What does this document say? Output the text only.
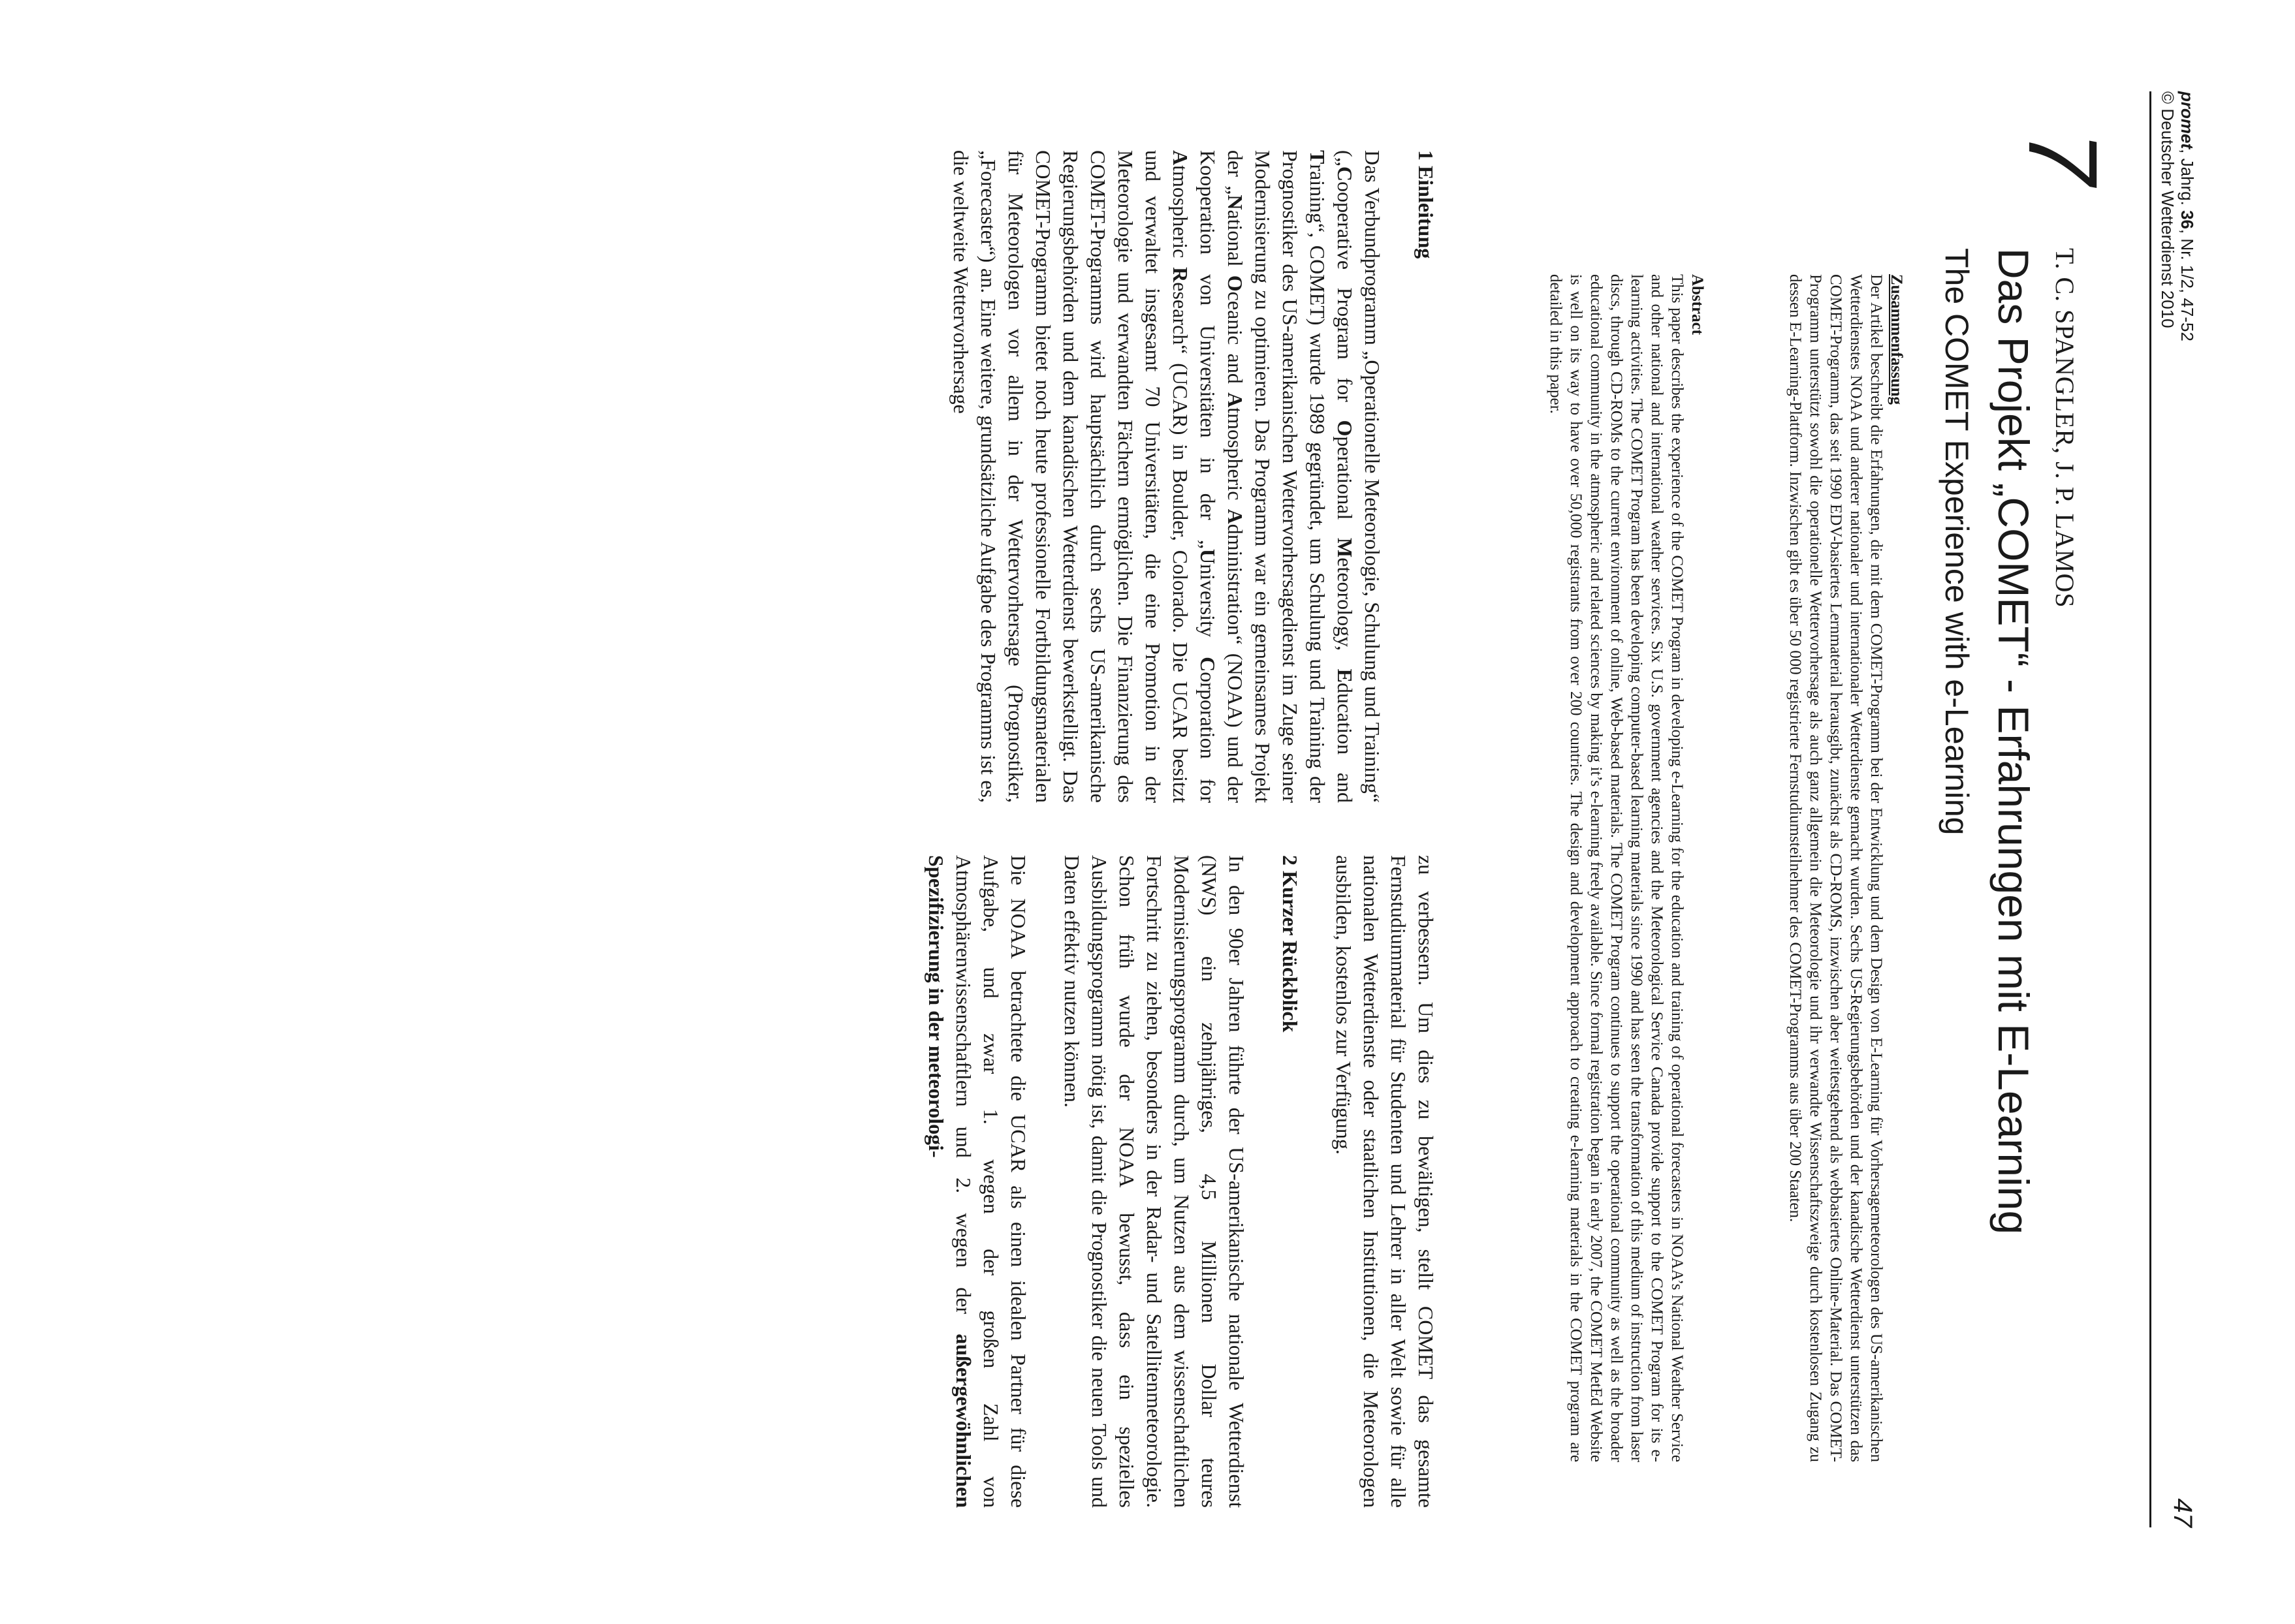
promet, Jahrg. 36, Nr. 1/2, 47-52
© Deutscher Wetterdienst 2010
47
7
T. C. SPANGLER, J. P. LAMOS
Das Projekt „COMET“ - Erfahrungen mit E-Learning
The COMET Experience with e-Learning
Zusammenfassung
Der Artikel beschreibt die Erfahrungen, die mit dem COMET-Programm bei der Entwicklung und dem Design von E-Learning für Vorhersagemeteorologen des US-amerikanischen Wetterdienstes NOAA und anderer nationaler und internationaler Wetterdienste gemacht wurden. Sechs US-Regierungsbehörden und der kanadische Wetterdienst unterstützen das COMET-Programm, das seit 1990 EDV-basiertes Lernmaterial herausgibt, zunächst als CD-ROMS, inzwischen aber weitestgehend als webbasiertes Online-Material. Das COMET-Programm unterstützt sowohl die operationelle Wettervorhersage als auch ganz allgemein die Meteorologie und ihr verwandte Wissenschaftszweige durch kostenlosen Zugang zu dessen E-Learning-Plattform. Inzwischen gibt es über 50 000 registrierte Fernstudiumsteilnehmer des COMET-Programms aus über 200 Staaten.
Abstract
This paper describes the experience of the COMET Program in developing e-Learning for the education and training of operational forecasters in NOAA’s National Weather Service and other national and international weather services. Six U.S. government agencies and the Meteorological Service Canada provide support to the COMET Program for its e-learning activities. The COMET Program has been developing computer-based learning materials since 1990 and has seen the transformation of this medium of instruction from laser discs, through CD-ROMs to the current environment of online, Web-based materials. The COMET Program continues to support the operational community as well as the broader educational community in the atmospheric and related sciences by making it’s e-learning freely available. Since formal registration began in early 2007, the COMET MetEd Website is well on its way to have over 50,000 registrants from over 200 countries. The design and development approach to creating e-learning materials in the COMET program are detailed in this paper.
1 Einleitung

Das Verbundprogramm „Operationelle Meteorologie, Schulung und Training“ („Cooperative Program for Operational Meteorology, Education and Training“, COMET) wurde 1989 gegründet, um Schulung und Training der Prognostiker des US-amerikanischen Wettervorhersagedienst im Zuge seiner Modernisierung zu optimieren. Das Programm war ein gemeinsames Projekt der „National Oceanic and Atmospheric Administration“ (NOAA) und der Kooperation von Universitäten in der „University Corporation for Atmospheric Research“ (UCAR) in Boulder, Colorado. Die UCAR besitzt und verwaltet insgesamt 70 Universitäten, die eine Promotion in der Meteorologie und verwandten Fächern ermöglichen. Die Finanzierung des COMET-Programms wird hauptsächlich durch sechs US-amerikanische Regierungsbehörden und dem kanadischen Wetterdienst bewerkstelligt. Das COMET-Programm bietet noch heute professionelle Fortbildungsmaterialen für Meteorologen vor allem in der Wettervorhersage (Prognostiker, „Forecaster“) an. Eine weitere, grundsätzliche Aufgabe des Programms ist es, die weltweite Wettervorhersage

zu verbessern. Um dies zu bewältigen, stellt COMET das gesamte Fernstudiummaterial für Studenten und Lehrer in aller Welt sowie für alle nationalen Wetterdienste oder staatlichen Institutionen, die Meteorologen ausbilden, kostenlos zur Verfügung.

2 Kurzer Rückblick

In den 90er Jahren führte der US-amerikanische nationale Wetterdienst (NWS) ein zehnjähriges, 4,5 Millionen Dollar teures Modernisierungsprogramm durch, um Nutzen aus dem wissenschaftlichen Fortschritt zu ziehen, besonders in der Radar- und Satellitenmeteorologie. Schon früh wurde der NOAA bewusst, dass ein spezielles Ausbildungsprogramm nötig ist, damit die Prognostiker die neuen Tools und Daten effektiv nutzen können.

Die NOAA betrachtete die UCAR als einen idealen Partner für diese Aufgabe, und zwar 1. wegen der großen Zahl von Atmosphärenwissenschaftlern und 2. wegen der außergewöhnlichen Spezifizierung in der meteorologi-
